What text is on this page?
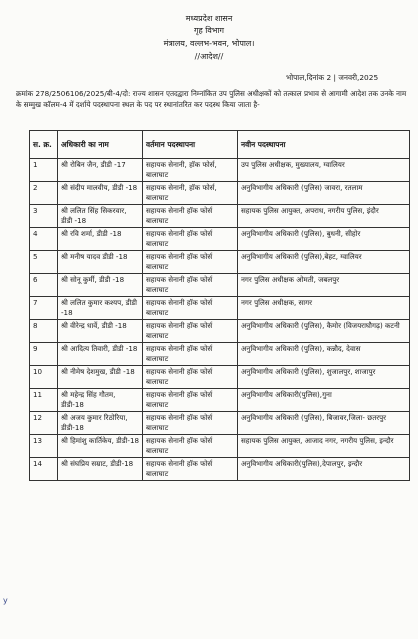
मध्यप्रदेश शासन
गृह विभाग
मंत्रालय, वल्लभ-भवन, भोपाल।
//आदेश//
भोपाल,दिनांक 2 | जनवरी,2025
क्रमांक 278/2506106/2025/बी-4/दो: राज्य शासन एतदद्वारा निम्नांकित उप पुलिस अधीक्षकों को तत्काल प्रभाव से आगामी आदेश तक उनके नाम के सम्मुख कॉलम-4 में दर्शाये पदस्थापना स्थल के पद पर स्थानांतरित कर पदस्थ किया जाता है-
स. क्र.	अधिकारी का नाम	वर्तमान पदस्थापना	नवीन पदस्थापना
1	श्री रोबिन जैन, डीडी -17	सहायक सेनानी, हॉक फोर्स, बालाघाट	उप पुलिस अधीक्षक, मुख्यालय, ग्वालियर
2	श्री संदीप मालवीय, डीडी -18	सहायक सेनानी, हॉक फोर्स, बालाघाट	अनुविभागीय अधिकारी (पुलिस) जावरा, रतलाम
3	श्री ललित सिंह सिकरवार, डीडी -18	सहायक सेनानी हॉक फोर्स बालाघाट	सहायक पुलिस आयुक्त, अपराध, नगरीय पुलिस, इंदौर
4	श्री रवि शर्मा, डीडी -18	सहायक सेनानी हॉक फोर्स बालाघाट	अनुविभागीय अधिकारी (पुलिस), बुधनी, सीहोर
5	श्री मनीष यादव डीडी -18	सहायक सेनानी हॉक फोर्स बालाघाट	अनुविभागीय अधिकारी (पुलिस),बेहट, ग्वालियर
6	श्री सोनू कुर्मी, डीडी -18	सहायक सेनानी हॉक फोर्स बालाघाट	नगर पुलिस अधीक्षक ओमती, जबलपुर
7	श्री ललित कुमार कश्यप, डीडी -18	सहायक सेनानी हॉक फोर्स बालाघाट	नगर पुलिस अधीक्षक, सागर
8	श्री वीरेन्द्र धार्वे, डीडी -18	सहायक सेनानी हॉक फोर्स बालाघाट	अनुविभागीय अधिकारी (पुलिस), कैमोर (विजयराघौगढ़) कटनी
9	श्री आदित्य तिवारी, डीडी -18	सहायक सेनानी हॉक फोर्स बालाघाट	अनुविभागीय अधिकारी (पुलिस), कन्नौद, देवास
10	श्री नीमेष देशमुख, डीडी -18	सहायक सेनानी हॉक फोर्स बालाघाट	अनुविभागीय अधिकारी (पुलिस), शुजालपुर, शाजापुर
11	श्री महेन्द्र सिंह गौतम, डीडी-18	सहायक सेनानी हॉक फोर्स बालाघाट	अनुविभागीय अधिकारी(पुलिस),गुना
12	श्री अजय कुमार रिठोरिया, डीडी-18	सहायक सेनानी हॉक फोर्स बालाघाट	अनुविभागीय अधिकारी (पुलिस), बिजावर,जिला- छतरपुर
13	श्री हिमांशु कार्तिकेय, डीडी-18	सहायक सेनानी हॉक फोर्स बालाघाट	सहायक पुलिस आयुक्त, आजाद नगर, नगरीय पुलिस, इन्दौर
14	श्री संघप्रिय सम्राट, डीडी-18	सहायक सेनानी हॉक फोर्स बालाघाट	अनुविभागीय अधिकारी(पुलिस),देपालपुर, इन्दौर
y
